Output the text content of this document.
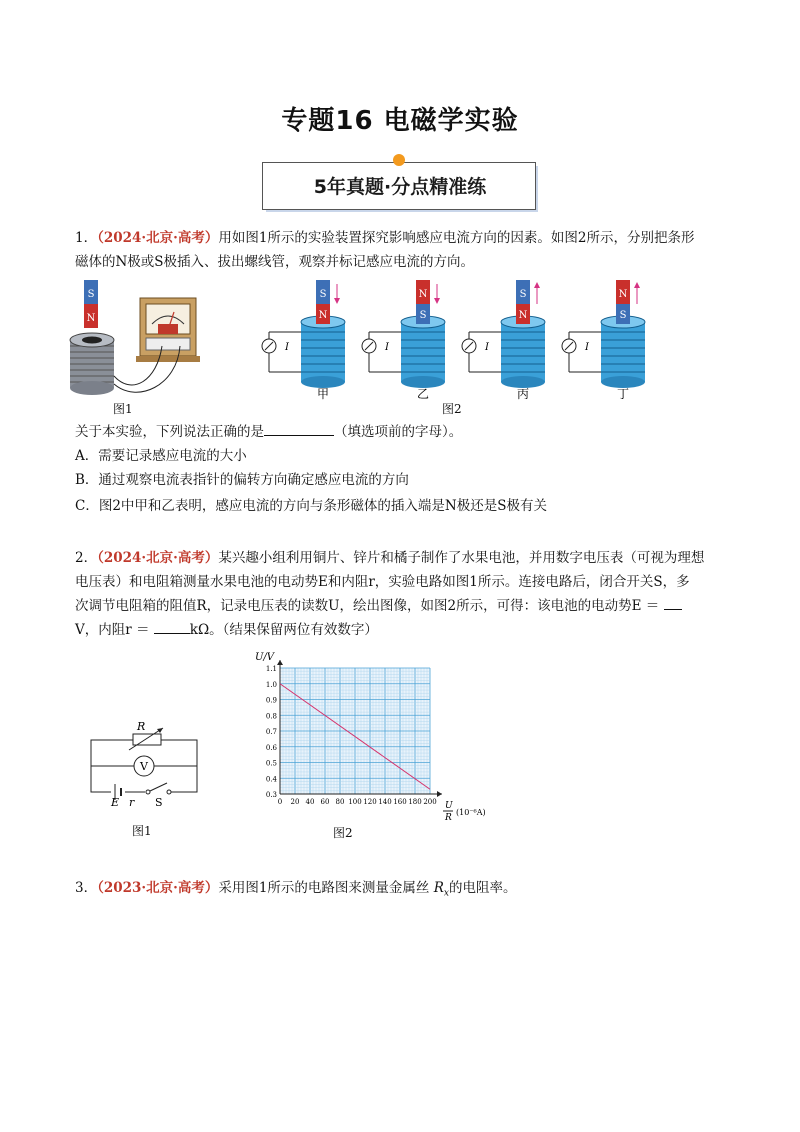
专题16 电磁学实验
5年真题·分点精准练
1．（2024·北京·高考）用如图1所示的实验装置探究影响感应电流方向的因素。如图2所示，分别把条形
磁体的N极或S极插入、拔出螺线管，观察并标记感应电流的方向。
S
N
图1
S
N
I
N
S
I
S
N
I
N
S
I
甲	乙	丙	丁
图2
关于本实验，下列说法正确的是	（填选项前的字母）。
A．需要记录感应电流的大小
B．通过观察电流表指针的偏转方向确定感应电流的方向
C．图2中甲和乙表明，感应电流的方向与条形磁体的插入端是N极还是S极有关
2．（2024·北京·高考）某兴趣小组利用铜片、锌片和橘子制作了水果电池，并用数字电压表（可视为理想
电压表）和电阻箱测量水果电池的电动势E和内阻r，实验电路如图1所示。连接电路后，闭合开关S，多
次调节电阻箱的阻值R，记录电压表的读数U，绘出图像，如图2所示，可得：该电池的电动势E ＝
V，内阻r ＝	kΩ。（结果保留两位有效数字）
R
V
E r S
图1
0 20 40 60 80 100 120 140 160 180 200
0.3
0.4
0.5
0.6
0.7
0.8
0.9
1.0
1.1
U/V
U
R
(10⁻⁶A)
图2
3．（2023·北京·高考）采用图1所示的电路图来测量金属丝 $R_x$的电阻率。
